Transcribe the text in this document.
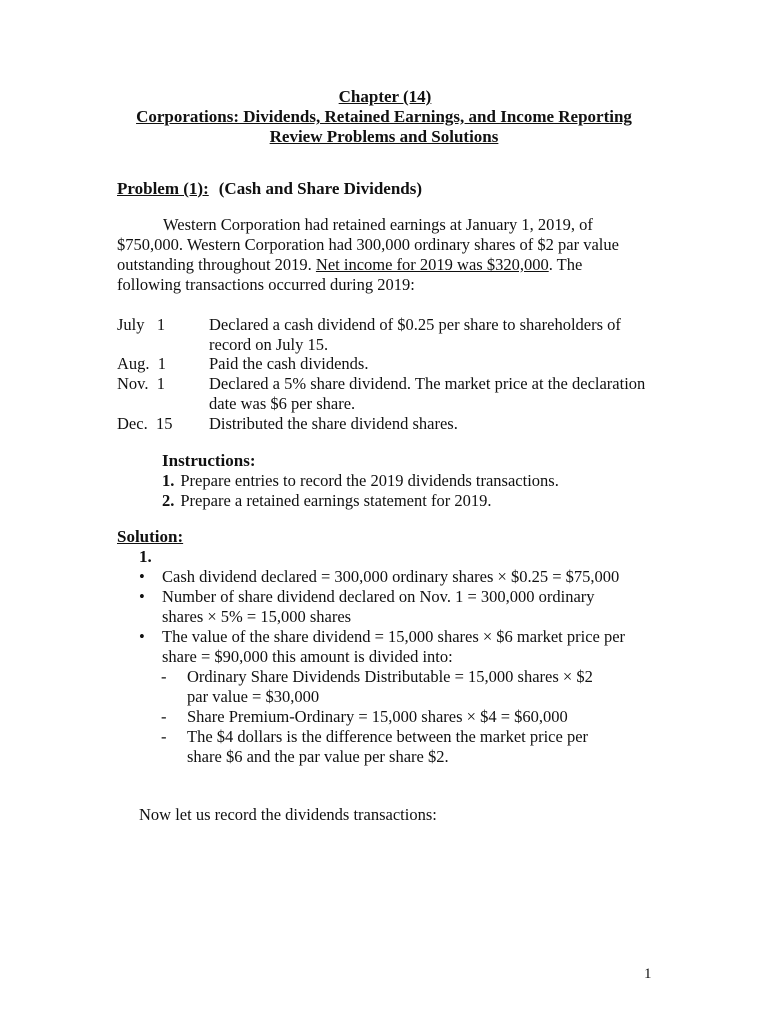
Chapter (14)
Corporations: Dividends, Retained Earnings, and Income Reporting
Review Problems and Solutions
Problem (1): (Cash and Share Dividends)

Western Corporation had retained earnings at January 1, 2019, of $750,000. Western Corporation had 300,000 ordinary shares of $2 par value outstanding throughout 2019. Net income for 2019 was $320,000. The following transactions occurred during 2019:

July   1	Declared a cash dividend of $0.25 per share to shareholders of record on July 15.
Aug.  1	Paid the cash dividends.
Nov.  1	Declared a 5% share dividend. The market price at the declaration date was $6 per share.
Dec.  15	Distributed the share dividend shares.
Instructions:
1. Prepare entries to record the 2019 dividends transactions.
2. Prepare a retained earnings statement for 2019.
Solution:
1.
• Cash dividend declared = 300,000 ordinary shares × $0.25 = $75,000
• Number of share dividend declared on Nov. 1 = 300,000 ordinary shares × 5% = 15,000 shares
• The value of the share dividend = 15,000 shares × $6 market price per share = $90,000 this amount is divided into:
- Ordinary Share Dividends Distributable = 15,000 shares × $2 par value = $30,000
- Share Premium-Ordinary = 15,000 shares × $4 = $60,000
- The $4 dollars is the difference between the market price per share $6 and the par value per share $2.
Now let us record the dividends transactions:
1
